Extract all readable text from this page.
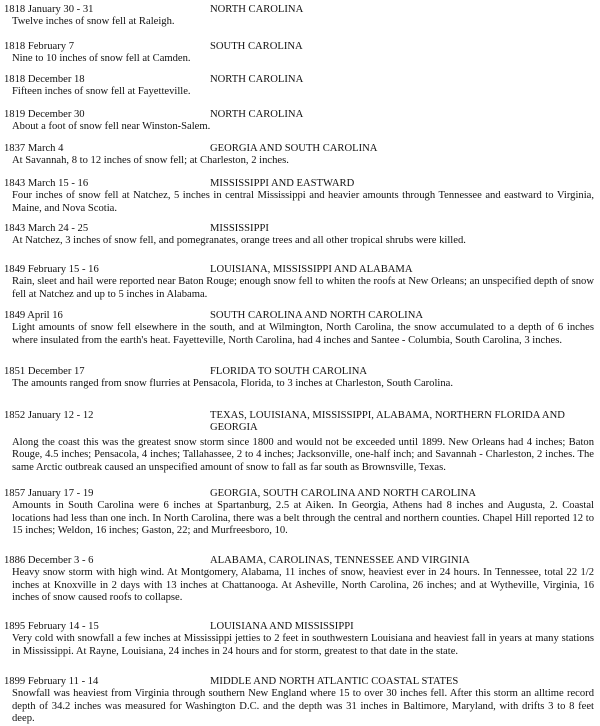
1818 January 30 - 31	NORTH CAROLINA
Twelve inches of snow fell at Raleigh.
1818 February 7	SOUTH CAROLINA
Nine to 10 inches of snow fell at Camden.
1818 December 18	NORTH CAROLINA
Fifteen inches of snow fell at Fayetteville.
1819 December 30	NORTH CAROLINA
About a foot of snow fell near Winston-Salem.
1837 March 4	GEORGIA AND SOUTH CAROLINA
At Savannah, 8 to 12 inches of snow fell; at Charleston, 2 inches.
1843 March 15 - 16	MISSISSIPPI AND EASTWARD
Four inches of snow fell at Natchez, 5 inches in central Mississippi and heavier amounts through Tennessee and eastward to Virginia, Maine, and Nova Scotia.
1843 March 24 - 25	MISSISSIPPI
At Natchez, 3 inches of snow fell, and pomegranates, orange trees and all other tropical shrubs were killed.
1849 February 15 - 16	LOUISIANA, MISSISSIPPI AND ALABAMA
Rain, sleet and hail were reported near Baton Rouge; enough snow fell to whiten the roofs at New Orleans; an unspecified depth of snow fell at Natchez and up to 5 inches in Alabama.
1849 April 16	SOUTH CAROLINA AND NORTH CAROLINA
Light amounts of snow fell elsewhere in the south, and at Wilmington, North Carolina, the snow accumulated to a depth of 6 inches where insulated from the earth's heat. Fayetteville, North Carolina, had 4 inches and Santee - Columbia, South Carolina, 3 inches.
1851 December 17	FLORIDA TO SOUTH CAROLINA
The amounts ranged from snow flurries at Pensacola, Florida, to 3 inches at Charleston, South Carolina.
1852 January 12 - 12	TEXAS, LOUISIANA, MISSISSIPPI, ALABAMA, NORTHERN FLORIDA AND GEORGIA
Along the coast this was the greatest snow storm since 1800 and would not be exceeded until 1899. New Orleans had 4 inches; Baton Rouge, 4.5 inches; Pensacola, 4 inches; Tallahassee, 2 to 4 inches; Jacksonville, one-half inch; and Savannah - Charleston, 2 inches. The same Arctic outbreak caused an unspecified amount of snow to fall as far south as Brownsville, Texas.
1857 January 17 - 19	GEORGIA, SOUTH CAROLINA AND NORTH CAROLINA
Amounts in South Carolina were 6 inches at Spartanburg, 2.5 at Aiken. In Georgia, Athens had 8 inches and Augusta, 2. Coastal locations had less than one inch. In North Carolina, there was a belt through the central and northern counties. Chapel Hill reported 12 to 15 inches; Weldon, 16 inches; Gaston, 22; and Murfreesboro, 10.
1886 December 3 - 6	ALABAMA, CAROLINAS, TENNESSEE AND VIRGINIA
Heavy snow storm with high wind. At Montgomery, Alabama, 11 inches of snow, heaviest ever in 24 hours. In Tennessee, total 22 1/2 inches at Knoxville in 2 days with 13 inches at Chattanooga. At Asheville, North Carolina, 26 inches; and at Wytheville, Virginia, 16 inches of snow caused roofs to collapse.
1895 February 14 - 15	LOUISIANA AND MISSISSIPPI
Very cold with snowfall a few inches at Mississippi jetties to 2 feet in southwestern Louisiana and heaviest fall in years at many stations in Mississippi. At Rayne, Louisiana, 24 inches in 24 hours and for storm, greatest to that date in the state.
1899 February 11 - 14	MIDDLE AND NORTH ATLANTIC COASTAL STATES
Snowfall was heaviest from Virginia through southern New England where 15 to over 30 inches fell. After this storm an alltime record depth of 34.2 inches was measured for Washington D.C. and the depth was 31 inches in Baltimore, Maryland, with drifts 3 to 8 feet deep.
